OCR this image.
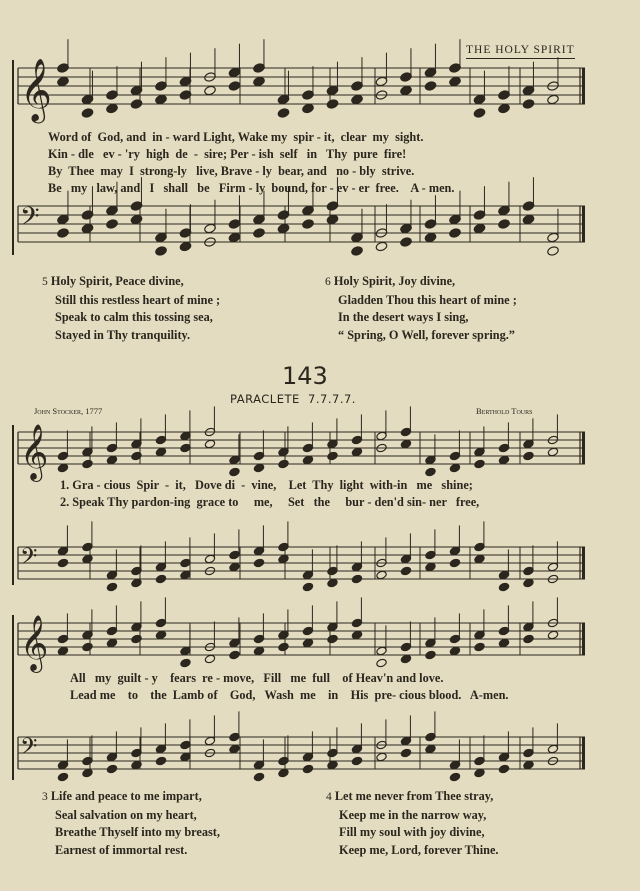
THE HOLY SPIRIT
𝄞
𝄢
Word of  God, and  in - ward Light, Wake my  spir - it,  clear  my  sight.
Kin - dle   ev - 'ry  high  de  -  sire; Per - ish  self   in   Thy  pure  fire!
By  Thee  may  I  strong-ly   live, Brave - ly  bear, and   no - bly  strive.
Be   my   law, and   I   shall   be   Firm - ly  bound, for - ev - er  free.    A - men.
5 Holy Spirit, Peace divine,
Still this restless heart of mine ;
Speak to calm this tossing sea,
Stayed in Thy tranquility.
6 Holy Spirit, Joy divine,
Gladden Thou this heart of mine ;
In the desert ways I sing,
“ Spring, O Well, forever spring.”
143
PARACLETE  7.7.7.7.
John Stocker, 1777	Berthold Tours
𝄞
𝄢
1. Gra - cious  Spir  -  it,   Dove di  -  vine,    Let  Thy  light  with-in   me   shine;
2. Speak Thy pardon-ing  grace to     me,     Set   the     bur - den'd sin- ner   free,
𝄞
𝄢
All   my  guilt - y    fears  re - move,   Fill   me  full    of Heav'n and love.
Lead me    to    the  Lamb of    God,   Wash  me    in    His  pre- cious blood.   A-men.
3 Life and peace to me impart,
Seal salvation on my heart,
Breathe Thyself into my breast,
Earnest of immortal rest.
4 Let me never from Thee stray,
Keep me in the narrow way,
Fill my soul with joy divine,
Keep me, Lord, forever Thine.
